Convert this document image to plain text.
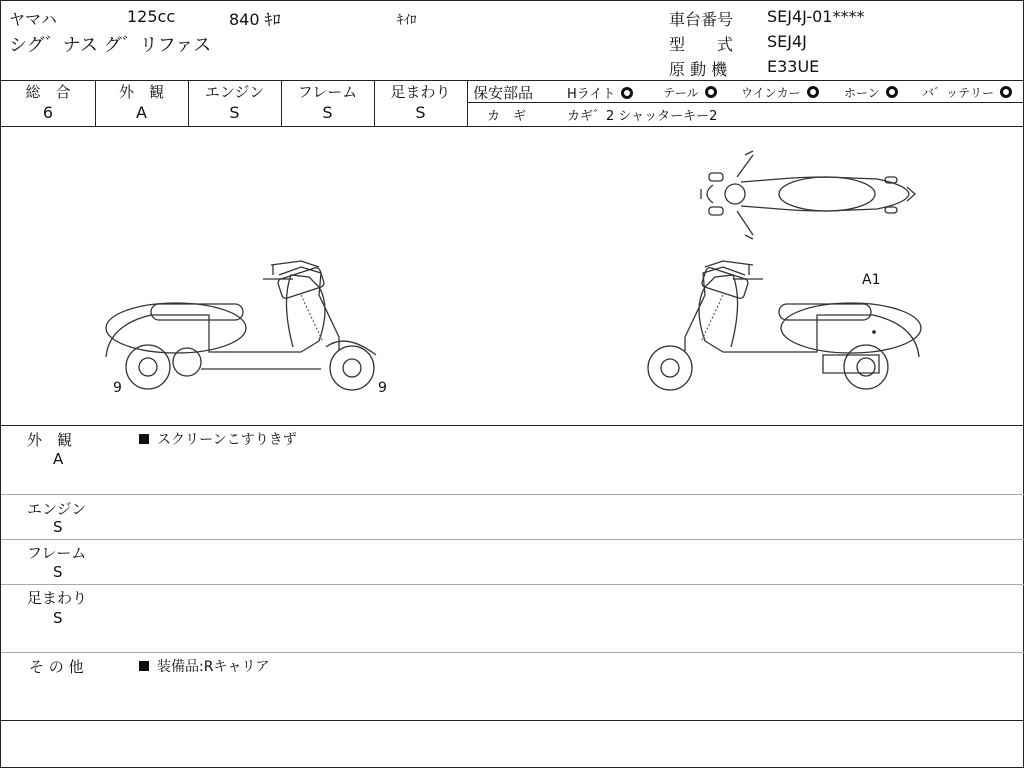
ヤマハ	125cc	840 ｷﾛ	ｷｲﾛ
シグ゛ナス グ゛リファス
車台番号 SEJ4J-01****
型　　式 SEJ4J
原 動 機 E33UE
総　合
6
外　観
A
エンジン
S
フレーム
S
足まわり
S
保安部品	Hライト	テール	ウインカー	ホーン	バ゛ッテリー
カ　ギ	カギ゛2 シャッターキー2
9	9
A1
外　観
A
スクリーンこすりきず
エンジン
S
フレーム
S
足まわり
S
そ の 他	装備品:Rキャリア
